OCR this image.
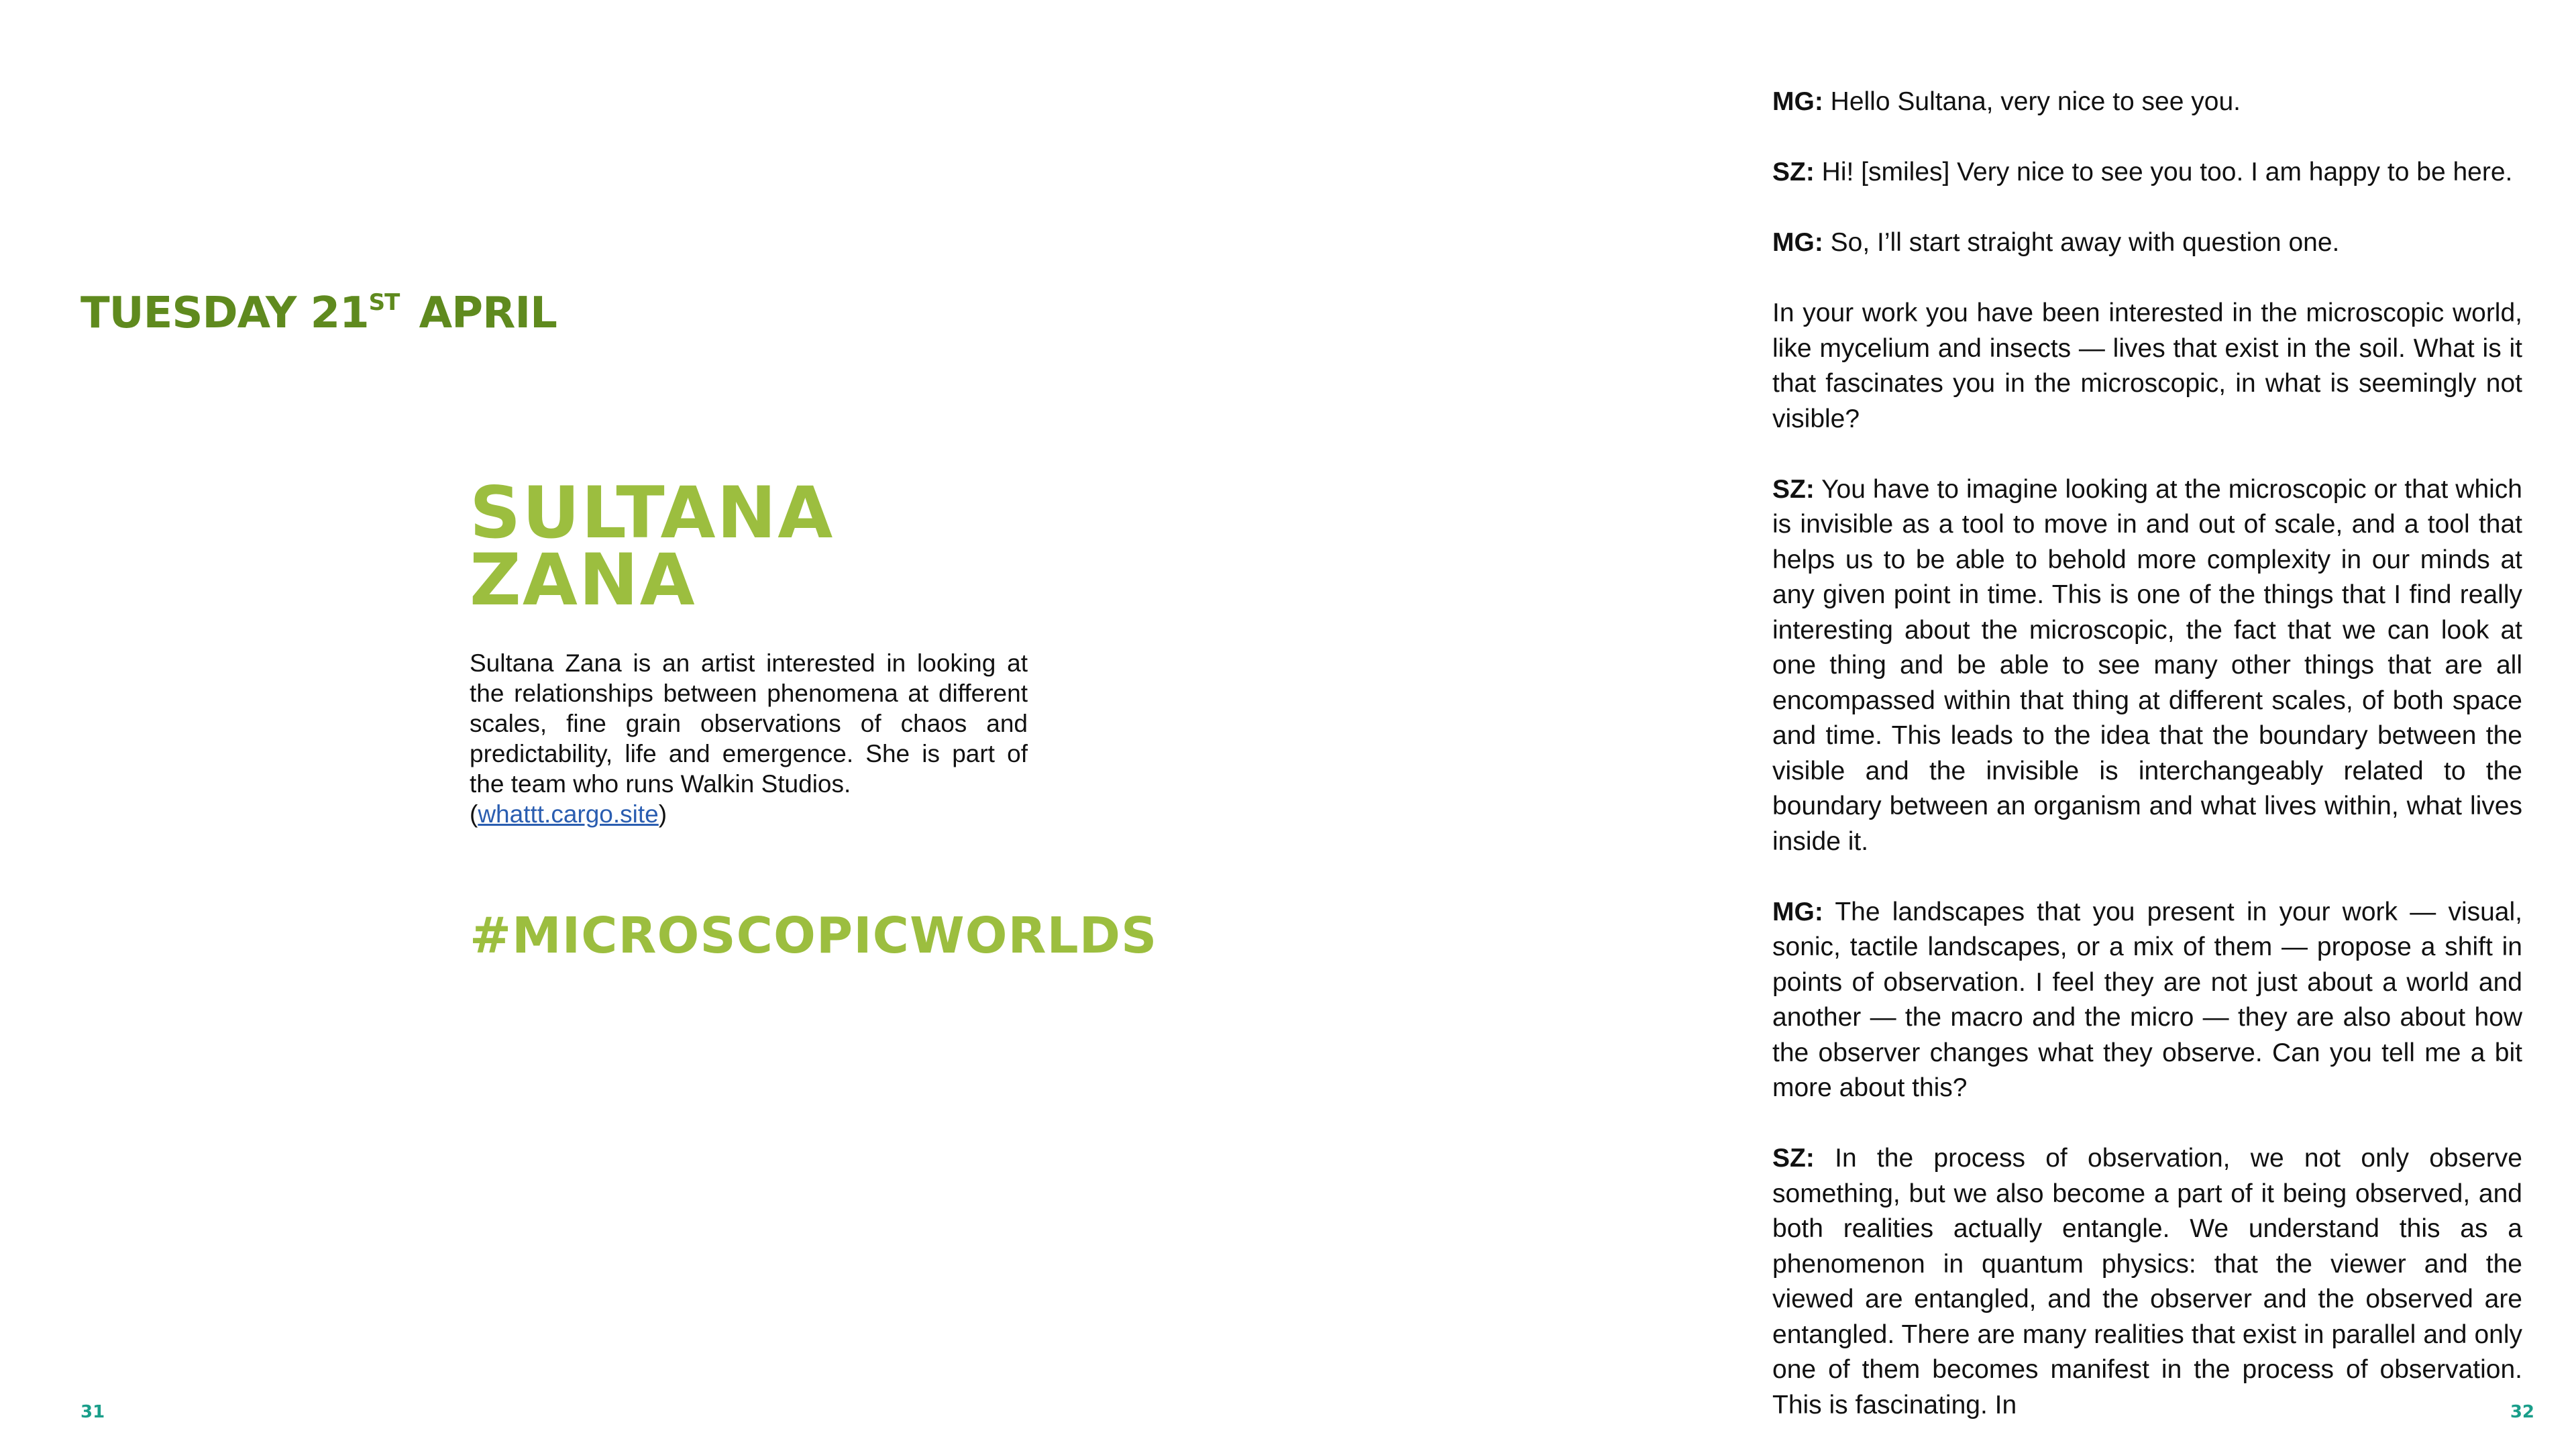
TUESDAY 21ST APRIL
SULTANA
ZANA

Sultana Zana is an artist interested in looking at the relationships between phenomena at different scales, fine grain observations of chaos and predictability, life and emergence. She is part of the team who runs Walkin Studios.
(whattt.cargo.site)

#MICROSCOPICWORLDS
31

MG: Hello Sultana, very nice to see you.

SZ: Hi! [smiles] Very nice to see you too. I am happy to be here.

MG: So, I’ll start straight away with question one.

In your work you have been interested in the microscopic world, like mycelium and insects — lives that exist in the soil. What is it that fascinates you in the microscopic, in what is seemingly not visible?

SZ: You have to imagine looking at the microscopic or that which is invisible as a tool to move in and out of scale, and a tool that helps us to be able to behold more complexity in our minds at any given point in time. This is one of the things that I find really interesting about the microscopic, the fact that we can look at one thing and be able to see many other things that are all encompassed within that thing at different scales, of both space and time. This leads to the idea that the boundary between the visible and the invisible is interchangeably related to the boundary between an organism and what lives within, what lives inside it.

MG: The landscapes that you present in your work — visual, sonic, tactile landscapes, or a mix of them — propose a shift in points of observation. I feel they are not just about a world and another — the macro and the micro — they are also about how the observer changes what they observe. Can you tell me a bit more about this?

SZ: In the process of observation, we not only observe something, but we also become a part of it being observed, and both realities actually entangle. We understand this as a phenomenon in quantum physics: that the viewer and the viewed are entangled, and the observer and the observed are entangled. There are many realities that exist in parallel and only one of them becomes manifest in the process of observation. This is fascinating. In	32
